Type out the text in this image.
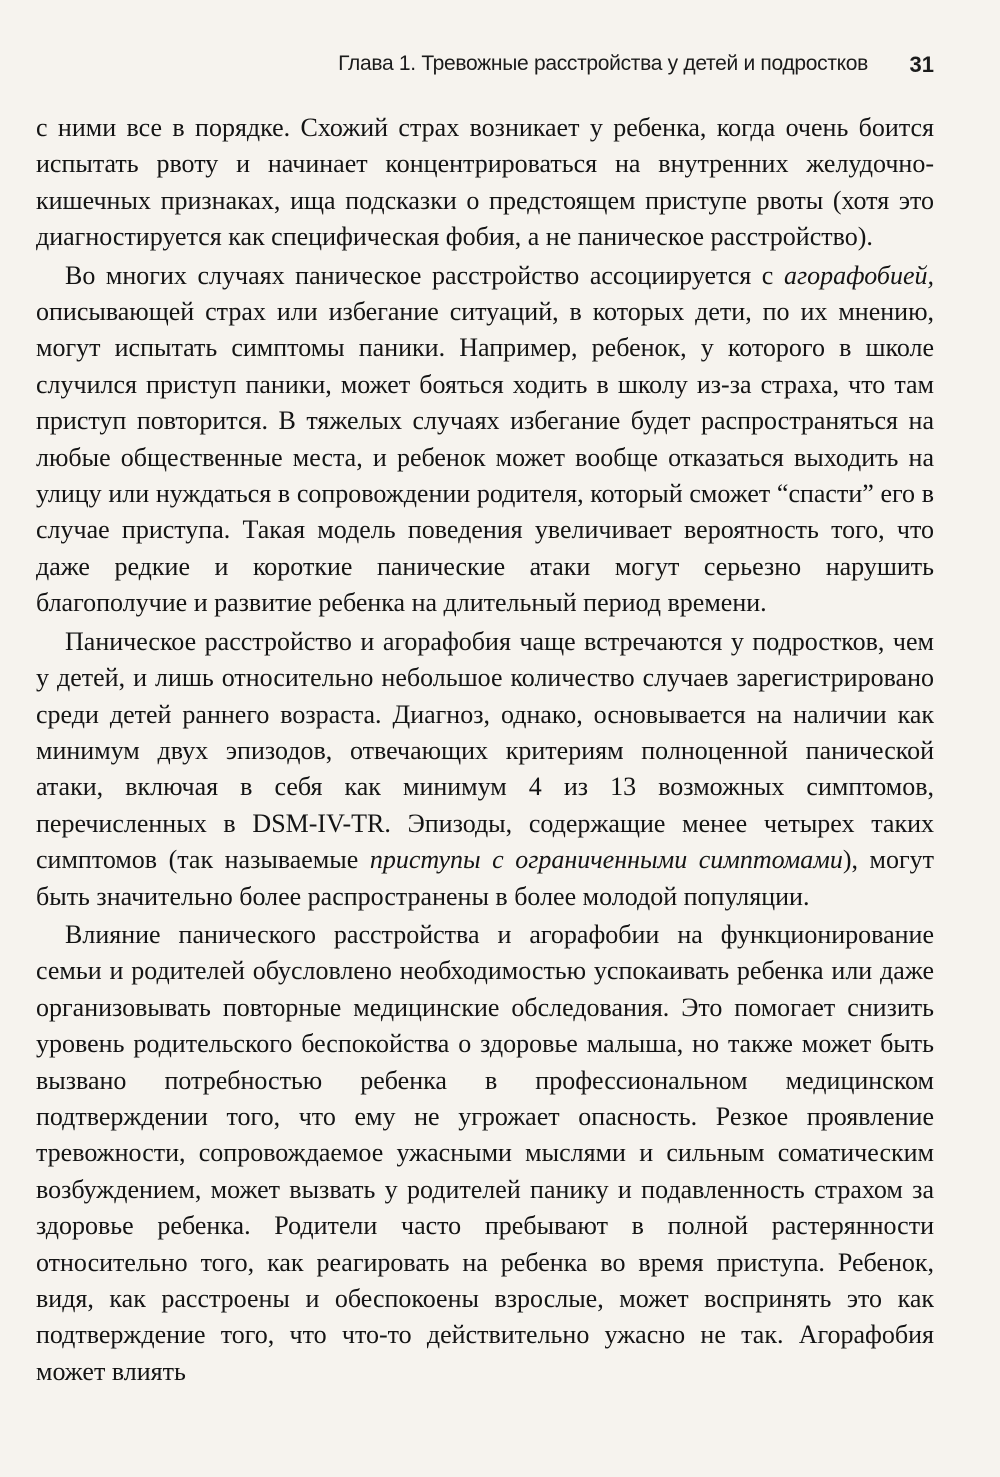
Глава 1. Тревожные расстройства у детей и подростков 31

с ними все в порядке. Схожий страх возникает у ребенка, когда очень боится испытать рвоту и начинает концентрироваться на внутренних желудочно-кишечных признаках, ища подсказки о предстоящем приступе рвоты (хотя это диагностируется как специфическая фобия, а не паническое расстройство).

Во многих случаях паническое расстройство ассоциируется с агорафобией, описывающей страх или избегание ситуаций, в которых дети, по их мнению, могут испытать симптомы паники. Например, ребенок, у которого в школе случился приступ паники, может бояться ходить в школу из-за страха, что там приступ повторится. В тяжелых случаях избегание будет распространяться на любые общественные места, и ребенок может вообще отказаться выходить на улицу или нуждаться в сопровождении родителя, который сможет “спасти” его в случае приступа. Такая модель поведения увеличивает вероятность того, что даже редкие и короткие панические атаки могут серьезно нарушить благополучие и развитие ребенка на длительный период времени.

Паническое расстройство и агорафобия чаще встречаются у подростков, чем у детей, и лишь относительно небольшое количество случаев зарегистрировано среди детей раннего возраста. Диагноз, однако, основывается на наличии как минимум двух эпизодов, отвечающих критериям полноценной панической атаки, включая в себя как минимум 4 из 13 возможных симптомов, перечисленных в DSM-IV-TR. Эпизоды, содержащие менее четырех таких симптомов (так называемые приступы с ограниченными симптомами), могут быть значительно более распространены в более молодой популяции.

Влияние панического расстройства и агорафобии на функционирование семьи и родителей обусловлено необходимостью успокаивать ребенка или даже организовывать повторные медицинские обследования. Это помогает снизить уровень родительского беспокойства о здоровье малыша, но также может быть вызвано потребностью ребенка в профессиональном медицинском подтверждении того, что ему не угрожает опасность. Резкое проявление тревожности, сопровождаемое ужасными мыслями и сильным соматическим возбуждением, может вызвать у родителей панику и подавленность страхом за здоровье ребенка. Родители часто пребывают в полной растерянности относительно того, как реагировать на ребенка во время приступа. Ребенок, видя, как расстроены и обеспокоены взрослые, может воспринять это как подтверждение того, что что-то действительно ужасно не так. Агорафобия может влиять
